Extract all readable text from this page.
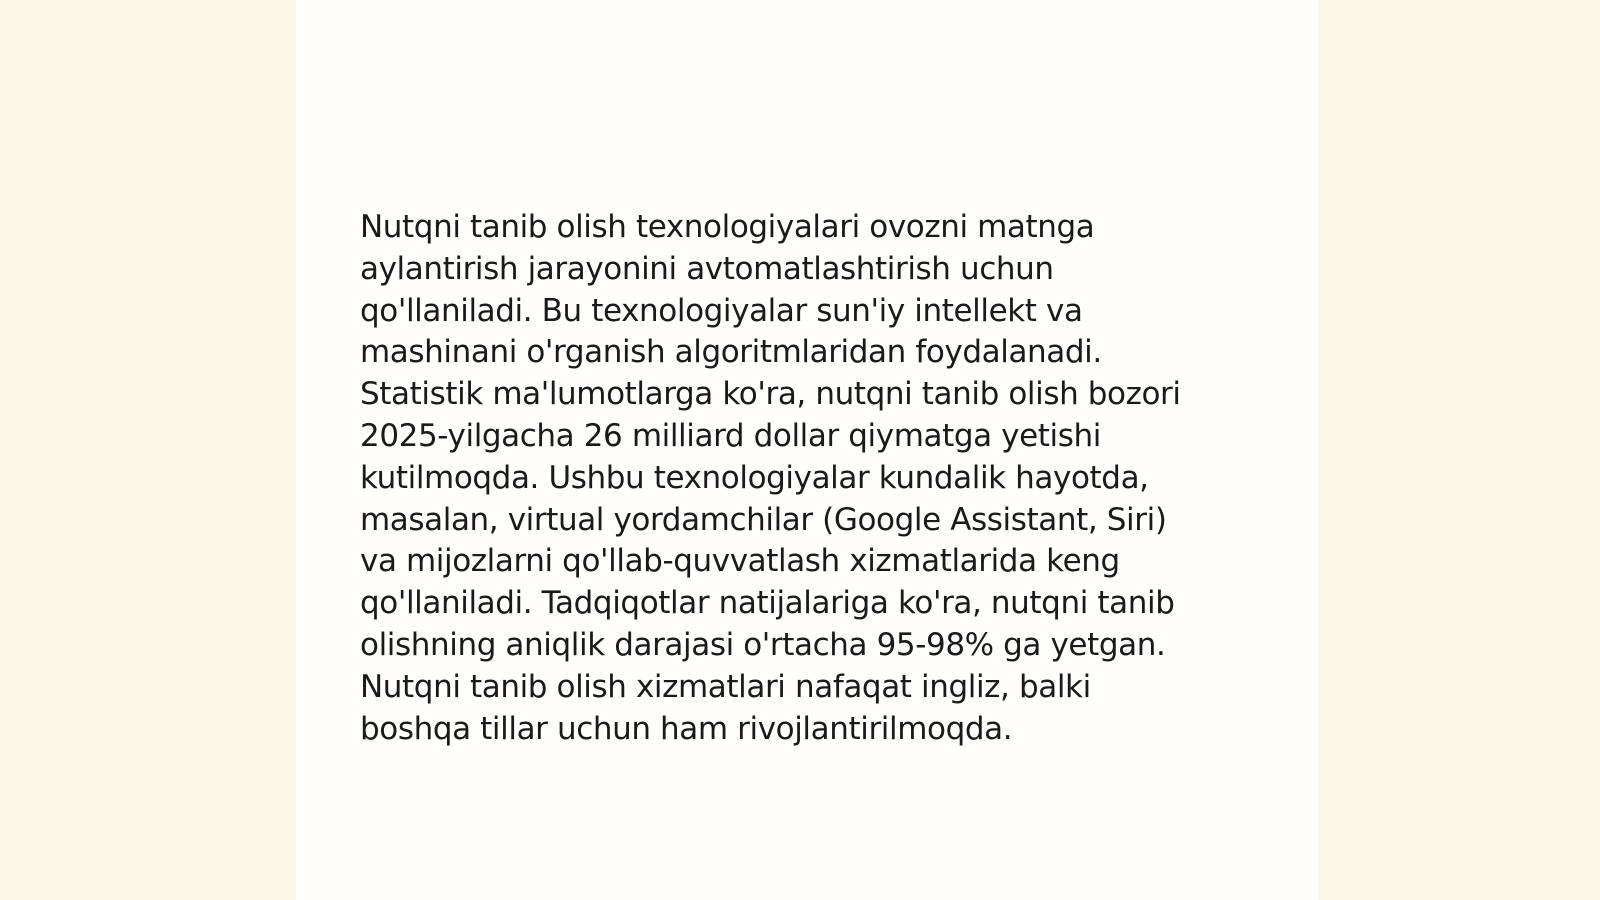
Nutqni tanib olish texnologiyalari ovozni matnga
aylantirish jarayonini avtomatlashtirish uchun
qo'llaniladi. Bu texnologiyalar sun'iy intellekt va
mashinani o'rganish algoritmlaridan foydalanadi.
Statistik ma'lumotlarga ko'ra, nutqni tanib olish bozori
2025-yilgacha 26 milliard dollar qiymatga yetishi
kutilmoqda. Ushbu texnologiyalar kundalik hayotda,
masalan, virtual yordamchilar (Google Assistant, Siri)
va mijozlarni qo'llab-quvvatlash xizmatlarida keng
qo'llaniladi. Tadqiqotlar natijalariga ko'ra, nutqni tanib
olishning aniqlik darajasi o'rtacha 95-98% ga yetgan.
Nutqni tanib olish xizmatlari nafaqat ingliz, balki
boshqa tillar uchun ham rivojlantirilmoqda.
